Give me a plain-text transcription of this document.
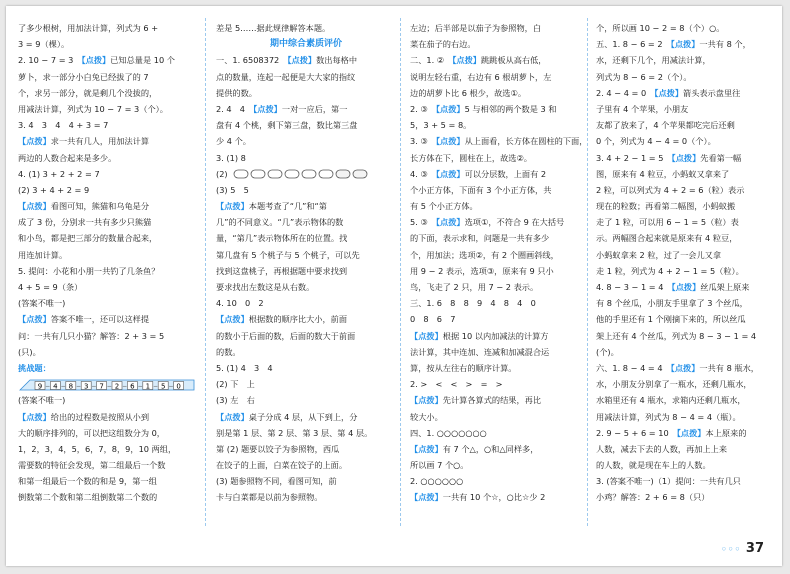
了多少根树，用加法计算，列式为 6 +
3 = 9（棵）。
2. 10 − 7 = 3　【点拨】已知总量是 10 个
萝卜，求一部分小白兔已经拔了的 7
个，求另一部分，就是剩几个没拔的，
用减法计算，列式为 10 − 7 = 3（个）。
3. 4　3　4　4 + 3 = 7
【点拨】求一共有几人，用加法计算
两边的人数合起来是多少。
4. (1) 3 + 2 + 2 = 7
(2) 3 + 4 + 2 = 9
【点拨】看图可知，熊猫和乌龟是分
成了 3 份，分别求一共有多少只熊猫
和小鸟，都是把三部分的数量合起来，
用连加计算。
5. 提问：小花和小朋一共钓了几条鱼？
4 + 5 = 9（条）
(答案不唯一)
【点拨】答案不唯一，还可以这样提
问：一共有几只小猫？解答：2 + 3 = 5
(只)。
挑战题：
9 − 4 − 8 − 3 − 7 − 2 − 6 − 1 − 5 − 0
(答案不唯一)
【点拨】给出的过程数是按照从小到
大的顺序排列的，可以把这组数分为 0，
1，2，3，4，5，6，7，8，9，10 两组，
需要数的特征会发现，第二组最后一个数
和第一组最后一个数的和是 9，第一组
倒数第二个数和第二组倒数第二个数的
差是 5……据此规律解答本题。
期中综合素质评价
一、1. 6508372　【点拨】数出每格中
点的数量，连起一起便是大大家的指纹
提供的数。
2. 4　4　【点拨】一对一应后，第一
盘有 4 个桃，剩下第三盘，数比第三盘
少 4 个。
3. (1) 8
(2)
(3) 5　5
【点拨】本题考查了“几”和“第
几”的不同意义。“几”表示物体的数
量，“第几”表示物体所在的位置。找
第几盘有 5 个桃子与 5 个桃子，可以先
找到这盘桃子，再根据题中要求找到
要求找出左数这是从右数。
4. 10　0　2
【点拨】根据数的顺序比大小，前面
的数小于后面的数，后面的数大于前面
的数。
5. (1) 4　3　4
(2) 下　上
(3) 左　右
【点拨】桌子分成 4 层，从下到上，分
别是第 1 层、第 2 层、第 3 层、第 4 层。
第 (2) 题要以饺子为参照物，西瓜
在饺子的上面，白菜在饺子的上面。
(3) 题参照物不同，看图可知，前
卡与白菜都是以前为参照物。
左边；后半部是以茄子为参照物，白
菜在茄子的右边。
二、1. ②　【点拨】跳跳板从高右低，
说明左轻右重，右边有 6 根胡萝卜，左
边的胡萝卜比 6 根少，故选①。
2. ③　【点拨】5 与相邻的两个数是 3 和
5，3 + 5 = 8。
3. ③　【点拨】从上面看，长方体在圆柱的下面，
长方体在下，圆柱在上，故选②。
4. ③　【点拨】可以分层数，上面有 2
个小正方体，下面有 3 个小正方体，共
有 5 个小正方体。
5. ③　【点拨】选项①，不符合 9 在大括号
的下面，表示求和，问题是一共有多少
个，用加法；选项②，有 2 个圈画斜线，
用 9 − 2 表示，选项③，原来有 9 只小
鸟，飞走了 2 只，用 7 − 2 表示。
三、1. 6　8　8　9　4　8　4　0
0　8　6　7
【点拨】根据 10 以内加减法的计算方
法计算，其中连加、连减和加减混合运
算，按从左往右的顺序计算。
2. >　<　<　>　=　>
【点拨】先计算各算式的结果，再比
较大小。
四、1. ○○○○○○○
【点拨】有 7 个△，○和△同样多，
所以画 7 个○。
2. ○○○○○○
【点拨】一共有 10 个☆，○比☆少 2
个，所以画 10 − 2 = 8（个）○。
五、1. 8 − 6 = 2　【点拨】一共有 8 个，
水，还剩下几个，用减法计算，
列式为 8 − 6 = 2（个）。
2. 4 − 4 = 0　【点拨】箭头表示盘里往
子里有 4 个苹果，小朋友
友都了放来了，4 个苹果都吃完后还剩
0 个，列式为 4 − 4 = 0（个）。
3. 4 + 2 − 1 = 5　【点拨】先看第一幅
图，原来有 4 粒豆，小蚂蚁又拿来了
2 粒，可以列式为 4 + 2 = 6（粒）表示
现在的粒数；再看第二幅图，小蚂蚁搬
走了 1 粒，可以用 6 − 1 = 5（粒）表
示。两幅图合起来就是原来有 4 粒豆，
小蚂蚁拿来 2 粒，过了一会儿又拿
走 1 粒，列式为 4 + 2 − 1 = 5（粒）。
4. 8 − 3 − 1 = 4　【点拨】丝瓜架上原来
有 8 个丝瓜，小朋友手里拿了 3 个丝瓜，
他的手里还有 1 个刚摘下来的，所以丝瓜
架上还有 4 个丝瓜，列式为 8 − 3 − 1 = 4
(个)。
六、1. 8 − 4 = 4　【点拨】一共有 8 瓶水，
水，小朋友分别拿了一瓶水，还剩几瓶水，
水箱里还有 4 瓶水，求箱内还剩几瓶水，
用减法计算，列式为 8 − 4 = 4（瓶）。
2. 9 − 5 + 6 = 10　【点拨】本上原来的
人数，减去下去的人数，再加上上来
的人数，就是现在车上的人数。
3. (答案不唯一)（1）提问：一共有几只
小鸡？解答：2 + 6 = 8（只）
◦◦◦ 37
